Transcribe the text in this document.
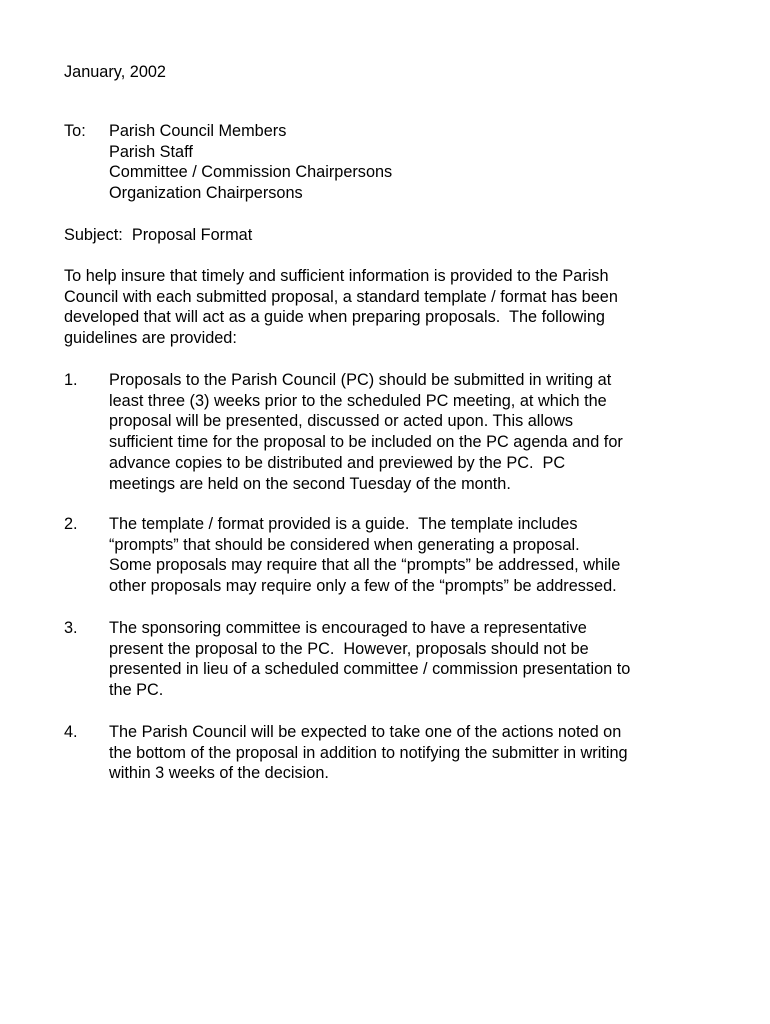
January, 2002
To: Parish Council Members
Parish Staff
Committee / Commission Chairpersons
Organization Chairpersons
Subject:  Proposal Format
To help insure that timely and sufficient information is provided to the Parish
Council with each submitted proposal, a standard template / format has been
developed that will act as a guide when preparing proposals.  The following
guidelines are provided:
1. Proposals to the Parish Council (PC) should be submitted in writing at
least three (3) weeks prior to the scheduled PC meeting, at which the
proposal will be presented, discussed or acted upon. This allows
sufficient time for the proposal to be included on the PC agenda and for
advance copies to be distributed and previewed by the PC.  PC
meetings are held on the second Tuesday of the month.
2. The template / format provided is a guide.  The template includes
“prompts” that should be considered when generating a proposal.
Some proposals may require that all the “prompts” be addressed, while
other proposals may require only a few of the “prompts” be addressed.
3. The sponsoring committee is encouraged to have a representative
present the proposal to the PC.  However, proposals should not be
presented in lieu of a scheduled committee / commission presentation to
the PC.
4. The Parish Council will be expected to take one of the actions noted on
the bottom of the proposal in addition to notifying the submitter in writing
within 3 weeks of the decision.
